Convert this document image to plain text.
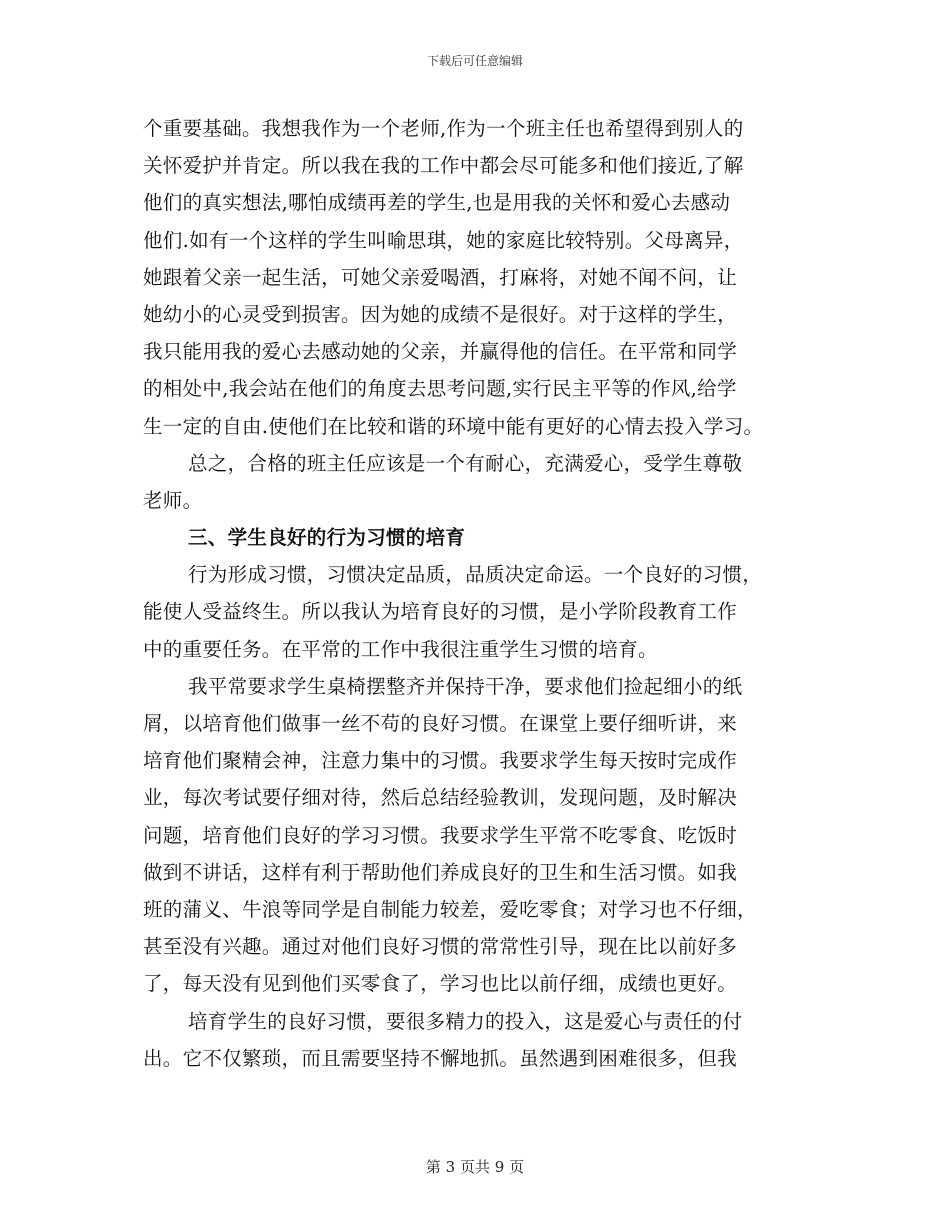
下载后可任意编辑
个重要基础。我想我作为一个老师,作为一个班主任也希望得到别人的
关怀爱护并肯定。所以我在我的工作中都会尽可能多和他们接近,了解
他们的真实想法,哪怕成绩再差的学生,也是用我的关怀和爱心去感动
他们.如有一个这样的学生叫喻思琪，她的家庭比较特别。父母离异，
她跟着父亲一起生活，可她父亲爱喝酒，打麻将，对她不闻不问，让
她幼小的心灵受到损害。因为她的成绩不是很好。对于这样的学生，
我只能用我的爱心去感动她的父亲，并赢得他的信任。在平常和同学
的相处中,我会站在他们的角度去思考问题,实行民主平等的作风,给学
生一定的自由.使他们在比较和谐的环境中能有更好的心情去投入学习。
总之，合格的班主任应该是一个有耐心，充满爱心，受学生尊敬
老师。
三、学生良好的行为习惯的培育
行为形成习惯，习惯决定品质，品质决定命运。一个良好的习惯，
能使人受益终生。所以我认为培育良好的习惯，是小学阶段教育工作
中的重要任务。在平常的工作中我很注重学生习惯的培育。
我平常要求学生桌椅摆整齐并保持干净，要求他们捡起细小的纸
屑，以培育他们做事一丝不苟的良好习惯。在课堂上要仔细听讲，来
培育他们聚精会神，注意力集中的习惯。我要求学生每天按时完成作
业，每次考试要仔细对待，然后总结经验教训，发现问题，及时解决
问题，培育他们良好的学习习惯。我要求学生平常不吃零食、吃饭时
做到不讲话，这样有利于帮助他们养成良好的卫生和生活习惯。如我
班的蒲义、牛浪等同学是自制能力较差，爱吃零食；对学习也不仔细，
甚至没有兴趣。通过对他们良好习惯的常常性引导，现在比以前好多
了，每天没有见到他们买零食了，学习也比以前仔细，成绩也更好。
培育学生的良好习惯，要很多精力的投入，这是爱心与责任的付
出。它不仅繁琐，而且需要坚持不懈地抓。虽然遇到困难很多，但我
第 3 页共 9 页
